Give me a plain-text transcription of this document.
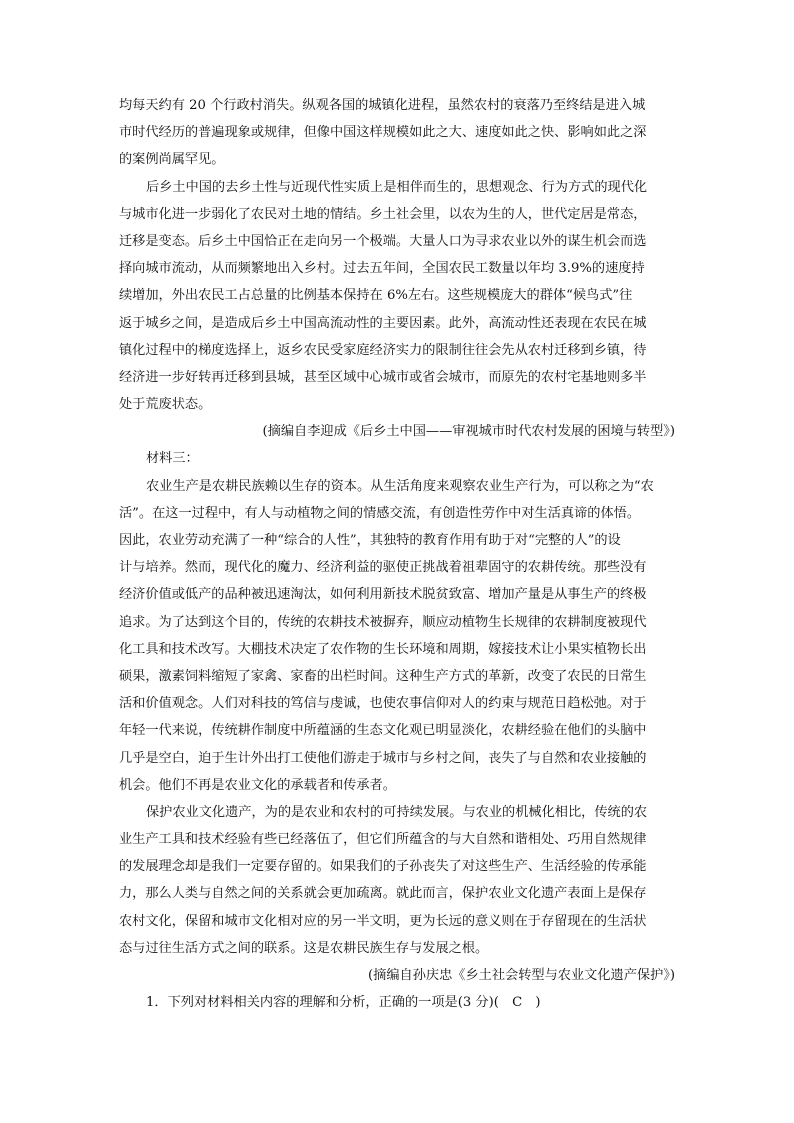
均每天约有 20 个行政村消失。纵观各国的城镇化进程，虽然农村的衰落乃至终结是进入城
市时代经历的普遍现象或规律，但像中国这样规模如此之大、速度如此之快、影响如此之深
的案例尚属罕见。
后乡土中国的去乡土性与近现代性实质上是相伴而生的，思想观念、行为方式的现代化
与城市化进一步弱化了农民对土地的情结。乡土社会里，以农为生的人，世代定居是常态，
迁移是变态。后乡土中国恰正在走向另一个极端。大量人口为寻求农业以外的谋生机会而选
择向城市流动，从而频繁地出入乡村。过去五年间，全国农民工数量以年均 3.9%的速度持
续增加，外出农民工占总量的比例基本保持在 6%左右。这些规模庞大的群体“候鸟式”往
返于城乡之间，是造成后乡土中国高流动性的主要因素。此外，高流动性还表现在农民在城
镇化过程中的梯度选择上，返乡农民受家庭经济实力的限制往往会先从农村迁移到乡镇，待
经济进一步好转再迁移到县城，甚至区域中心城市或省会城市，而原先的农村宅基地则多半
处于荒废状态。
(摘编自李迎成《后乡土中国——审视城市时代农村发展的困境与转型》)
材料三：
农业生产是农耕民族赖以生存的资本。从生活角度来观察农业生产行为，可以称之为“农
活”。在这一过程中，有人与动植物之间的情感交流，有创造性劳作中对生活真谛的体悟。
因此，农业劳动充满了一种“综合的人性”，其独特的教育作用有助于对“完整的人”的设
计与培养。然而，现代化的魔力、经济利益的驱使正挑战着祖辈固守的农耕传统。那些没有
经济价值或低产的品种被迅速淘汰，如何利用新技术脱贫致富、增加产量是从事生产的终极
追求。为了达到这个目的，传统的农耕技术被摒弃，顺应动植物生长规律的农耕制度被现代
化工具和技术改写。大棚技术决定了农作物的生长环境和周期，嫁接技术让小果实植物长出
硕果，激素饲料缩短了家禽、家畜的出栏时间。这种生产方式的革新，改变了农民的日常生
活和价值观念。人们对科技的笃信与虔诚，也使农事信仰对人的约束与规范日趋松弛。对于
年轻一代来说，传统耕作制度中所蕴涵的生态文化观已明显淡化，农耕经验在他们的头脑中
几乎是空白，迫于生计外出打工使他们游走于城市与乡村之间，丧失了与自然和农业接触的
机会。他们不再是农业文化的承载者和传承者。
保护农业文化遗产，为的是农业和农村的可持续发展。与农业的机械化相比，传统的农
业生产工具和技术经验有些已经落伍了，但它们所蕴含的与大自然和谐相处、巧用自然规律
的发展理念却是我们一定要存留的。如果我们的子孙丧失了对这些生产、生活经验的传承能
力，那么人类与自然之间的关系就会更加疏离。就此而言，保护农业文化遗产表面上是保存
农村文化，保留和城市文化相对应的另一半文明，更为长远的意义则在于存留现在的生活状
态与过往生活方式之间的联系。这是农耕民族生存与发展之根。
(摘编自孙庆忠《乡土社会转型与农业文化遗产保护》)
1．下列对材料相关内容的理解和分析，正确的一项是(3 分)(　C　)
